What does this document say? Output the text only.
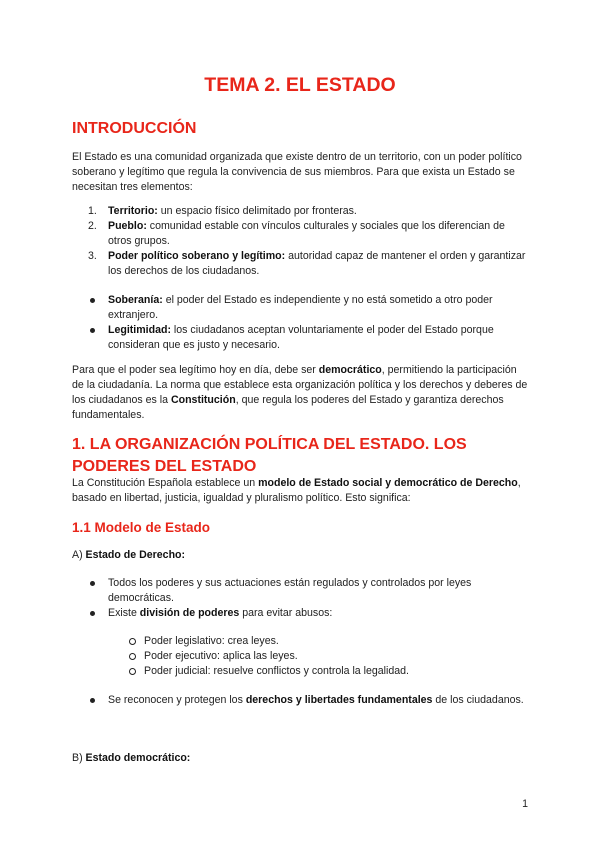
TEMA 2. EL ESTADO
INTRODUCCIÓN
El Estado es una comunidad organizada que existe dentro de un territorio, con un poder político soberano y legítimo que regula la convivencia de sus miembros. Para que exista un Estado se necesitan tres elementos:
1. Territorio: un espacio físico delimitado por fronteras.
2. Pueblo: comunidad estable con vínculos culturales y sociales que los diferencian de otros grupos.
3. Poder político soberano y legítimo: autoridad capaz de mantener el orden y garantizar los derechos de los ciudadanos.
Soberanía: el poder del Estado es independiente y no está sometido a otro poder extranjero.
Legitimidad: los ciudadanos aceptan voluntariamente el poder del Estado porque consideran que es justo y necesario.
Para que el poder sea legítimo hoy en día, debe ser democrático, permitiendo la participación de la ciudadanía. La norma que establece esta organización política y los derechos y deberes de los ciudadanos es la Constitución, que regula los poderes del Estado y garantiza derechos fundamentales.
1. LA ORGANIZACIÓN POLÍTICA DEL ESTADO. LOS PODERES DEL ESTADO
La Constitución Española establece un modelo de Estado social y democrático de Derecho, basado en libertad, justicia, igualdad y pluralismo político. Esto significa:
1.1 Modelo de Estado
A) Estado de Derecho:
Todos los poderes y sus actuaciones están regulados y controlados por leyes democráticas.
Existe división de poderes para evitar abusos:
Poder legislativo: crea leyes.
Poder ejecutivo: aplica las leyes.
Poder judicial: resuelve conflictos y controla la legalidad.
Se reconocen y protegen los derechos y libertades fundamentales de los ciudadanos.
B) Estado democrático:
1
